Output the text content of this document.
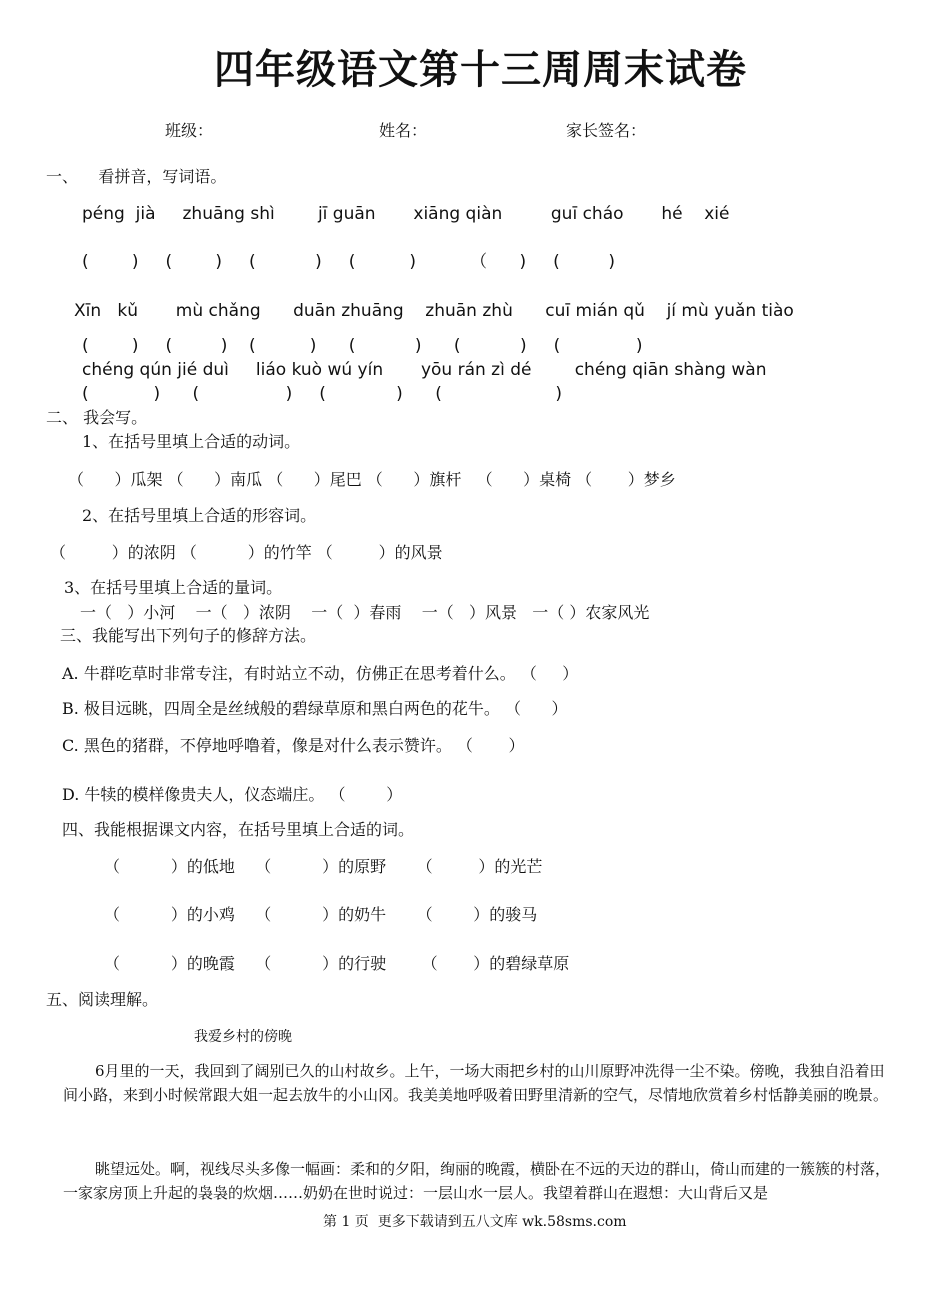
四年级语文第十三周周末试卷
班级：	姓名：	家长签名：
一、    看拼音，写词语。
péng  jià     zhuāng shì        jī guān       xiāng qiàn         guī cháo       hé    xié
(        )     (        )     (           )     (          )          （      )     (         )
Xīn   kǔ       mù chǎng      duān zhuāng    zhuān zhù      cuī mián qǔ    jí mù yuǎn tiào
(        )     (         )    (          )      (           )      (           )     (              )
chéng qún jié duì     liáo kuò wú yín       yōu rán zì dé        chéng qiān shàng wàn
(            )      (                )     (             )      (                     )
二、 我会写。
1、在括号里填上合适的动词。
（      ）瓜架 （      ）南瓜 （      ）尾巴 （      ）旗杆   （      ）桌椅 （       ）梦乡
2、在括号里填上合适的形容词。
（         ）的浓阴 （          ）的竹竿 （         ）的风景
3、在括号里填上合适的量词。
一（   ）小河    一（   ）浓阴    一（  ）春雨    一（   ）风景   一（ ）农家风光
三、我能写出下列句子的修辞方法。
A. 牛群吃草时非常专注，有时站立不动，仿佛正在思考着什么。 （     ）
B. 极目远眺，四周全是丝绒般的碧绿草原和黑白两色的花牛。 （      ）
C. 黑色的猪群，不停地呼噜着，像是对什么表示赞许。 （       ）
D. 牛犊的模样像贵夫人，仪态端庄。 （        ）
四、我能根据课文内容，在括号里填上合适的词。
（          ）的低地    （          ）的原野      （         ）的光芒
（          ）的小鸡    （          ）的奶牛      （        ）的骏马
（          ）的晚霞    （          ）的行驶       （       ）的碧绿草原
五、阅读理解。
我爱乡村的傍晚
6月里的一天，我回到了阔别已久的山村故乡。上午，一场大雨把乡村的山川原野冲洗得一尘不染。傍晚，我独自沿着田间小路，来到小时候常跟大姐一起去放牛的小山冈。我美美地呼吸着田野里清新的空气，尽情地欣赏着乡村恬静美丽的晚景。
眺望远处。啊，视线尽头多像一幅画：柔和的夕阳，绚丽的晚霞，横卧在不远的天边的群山，倚山而建的一簇簇的村落，一家家房顶上升起的袅袅的炊烟……奶奶在世时说过：一层山水一层人。我望着群山在遐想：大山背后又是
第 1 页  更多下载请到五八文库 wk.58sms.com
